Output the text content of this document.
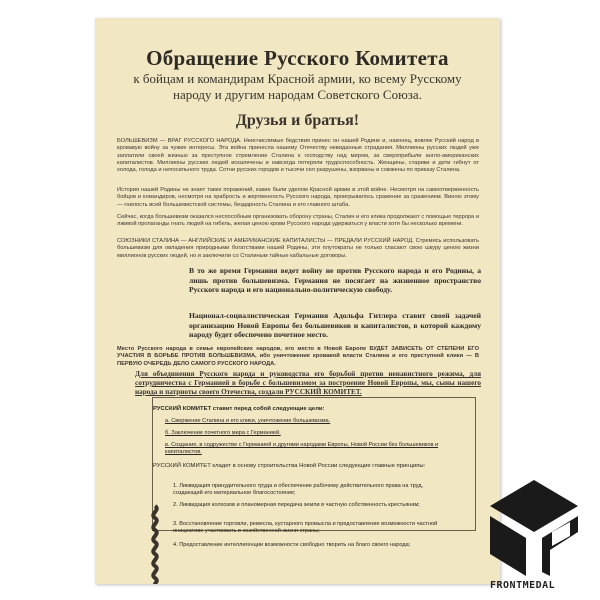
Обращение Русского Комитета

к бойцам и командирам Красной армии, ко всему Русскому народу и другим народам Советского Союза.

Друзья и братья!

БОЛЬШЕВИЗМ — ВРАГ РУССКОГО НАРОДА. Неисчислимые бедствия принес он нашей Родине и, наконец, вовлек Русский народ в кровавую войну за чужие интересы. Эта война принесла нашему Отечеству невиданные страдания. Миллионы русских людей уже заплатили своей жизнью за преступное стремление Сталина к господству над миром, за сверхприбыли англо-американских капиталистов. Миллионы русских людей искалечены и навсегда потеряли трудоспособность. Женщины, старики и дети гибнут от холода, голода и непосильного труда. Сотни русских городов и тысячи сел разрушены, взорваны и сожжены по приказу Сталина.

История нашей Родины не знает таких поражений, какие были уделом Красной армии в этой войне. Несмотря на самоотверженность бойцов и командиров, несмотря на храбрость и жертвенность Русского народа, проигрывалось сражение за сражением. Виною этому — гнилость всей большевистской системы, бездарность Сталина и его главного штаба.

Сейчас, когда большевизм оказался неспособным организовать оборону страны, Сталин и его клика продолжают с помощью террора и лживой пропаганды гнать людей на гибель, желая ценою крови Русского народа удержаться у власти хотя бы несколько времени.

СОЮЗНИКИ СТАЛИНА — АНГЛИЙСКИЕ И АМЕРИКАНСКИЕ КАПИТАЛИСТЫ — ПРЕДАЛИ РУССКИЙ НАРОД. Стремясь использовать большевизм для овладения природными богатствами нашей Родины, эти плутократы не только спасают свою шкуру ценою жизни миллионов русских людей, но и заключили со Сталиным тайные кабальные договоры.

В то же время Германия ведет войну не против Русского народа и его Родины, а лишь против большевизма. Германия не посягает на жизненное пространство Русского народа и его национально-политическую свободу.

Национал-социалистическая Германия Адольфа Гитлера ставит своей задачей организацию Новой Европы без большевиков и капиталистов, в которой каждому народу будет обеспечено почетное место.

Место Русского народа в семье европейских народов, его место в Новой Европе БУДЕТ ЗАВИСЕТЬ ОТ СТЕПЕНИ ЕГО УЧАСТИЯ В БОРЬБЕ ПРОТИВ БОЛЬШЕВИЗМА, ибо уничтожение кровавой власти Сталина и его преступной клики — В ПЕРВУЮ ОЧЕРЕДЬ ДЕЛО САМОГО РУССКОГО НАРОДА.

Для объединения Русского народа и руководства его борьбой против ненавистного режима, для сотрудничества с Германией в борьбе с большевизмом за построение Новой Европы, мы, сыны нашего народа и патриоты своего Отечества, создали РУССКИЙ КОМИТЕТ.

РУССКИЙ КОМИТЕТ ставит перед собой следующие цели:

а. Свержение Сталина и его клики, уничтожение большевизма.

б. Заключение почетного мира с Германией.

в. Создание, в содружестве с Германией и другими народами Европы, Новой России без большевиков и капиталистов.

РУССКИЙ КОМИТЕТ кладет в основу строительства Новой России следующие главные принципы:

1. Ликвидация принудительного труда и обеспечение рабочему действительного права на труд, создающий его материальное благосостояние;

2. Ликвидация колхозов и планомерная передача земли в частную собственность крестьянам;

3. Восстановление торговли, ремесла, кустарного промысла и предоставление возможности частной инициативе участвовать в хозяйственной жизни страны;

4. Предоставление интеллигенции возможности свободно творить на благо своего народа;

FRONTMEDAL
